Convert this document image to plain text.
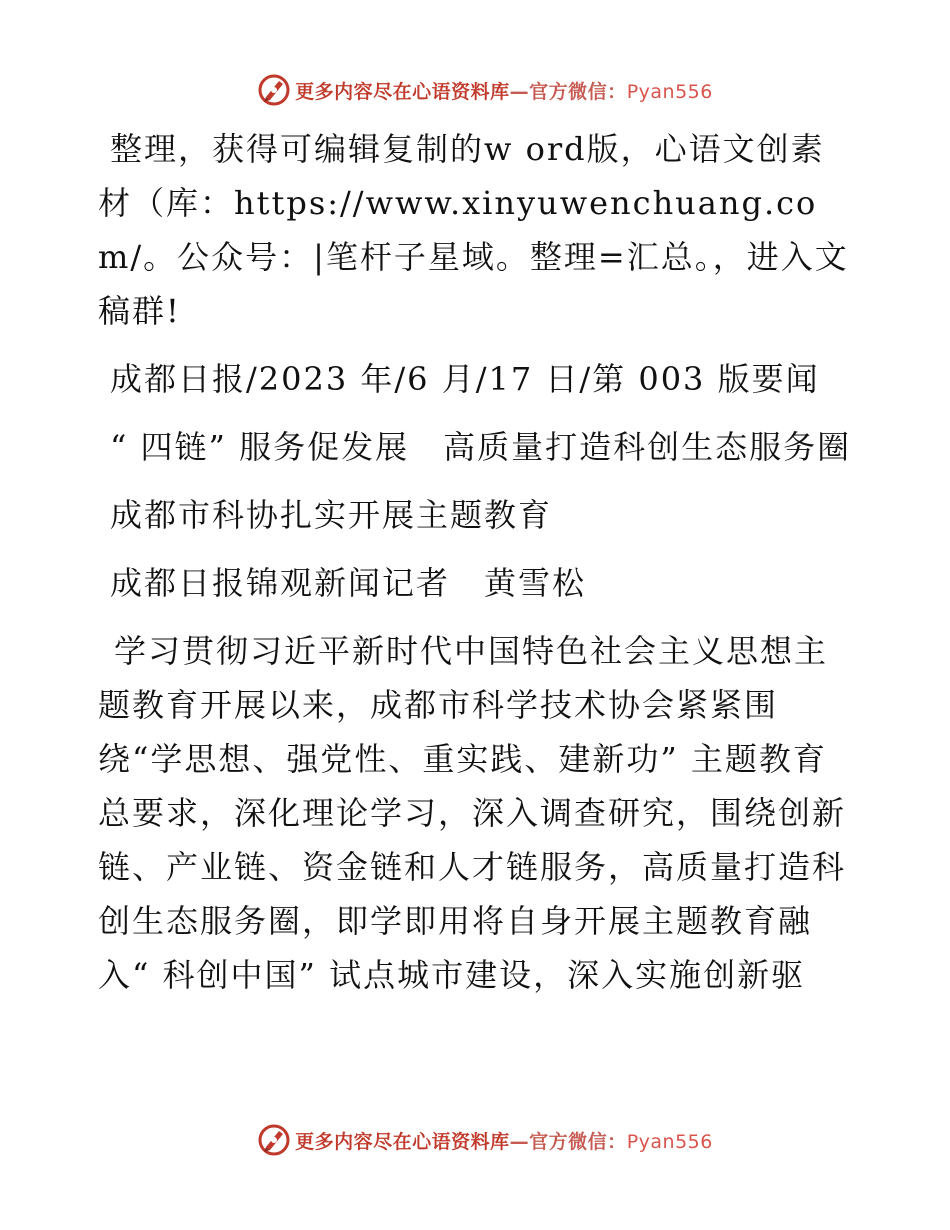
更多内容尽在心语资料库—官方微信：Pyan556

整理，获得可编辑复制的w ord版，心语文创素材（库：https://www.xinyuwenchuang.com/。公众号：|笔杆子星域。整理=汇总。，进入文稿群!

成都日报/2023 年/6 月/17 日/第 003 版要闻

“ 四链” 服务促发展　高质量打造科创生态服务圈

成都市科协扎实开展主题教育

成都日报锦观新闻记者　黄雪松

学习贯彻习近平新时代中国特色社会主义思想主题教育开展以来，成都市科学技术协会紧紧围绕“学思想、强党性、重实践、建新功” 主题教育总要求，深化理论学习，深入调查研究，围绕创新链、产业链、资金链和人才链服务，高质量打造科创生态服务圈，即学即用将自身开展主题教育融入“ 科创中国” 试点城市建设，深入实施创新驱

更多内容尽在心语资料库—官方微信：Pyan556
